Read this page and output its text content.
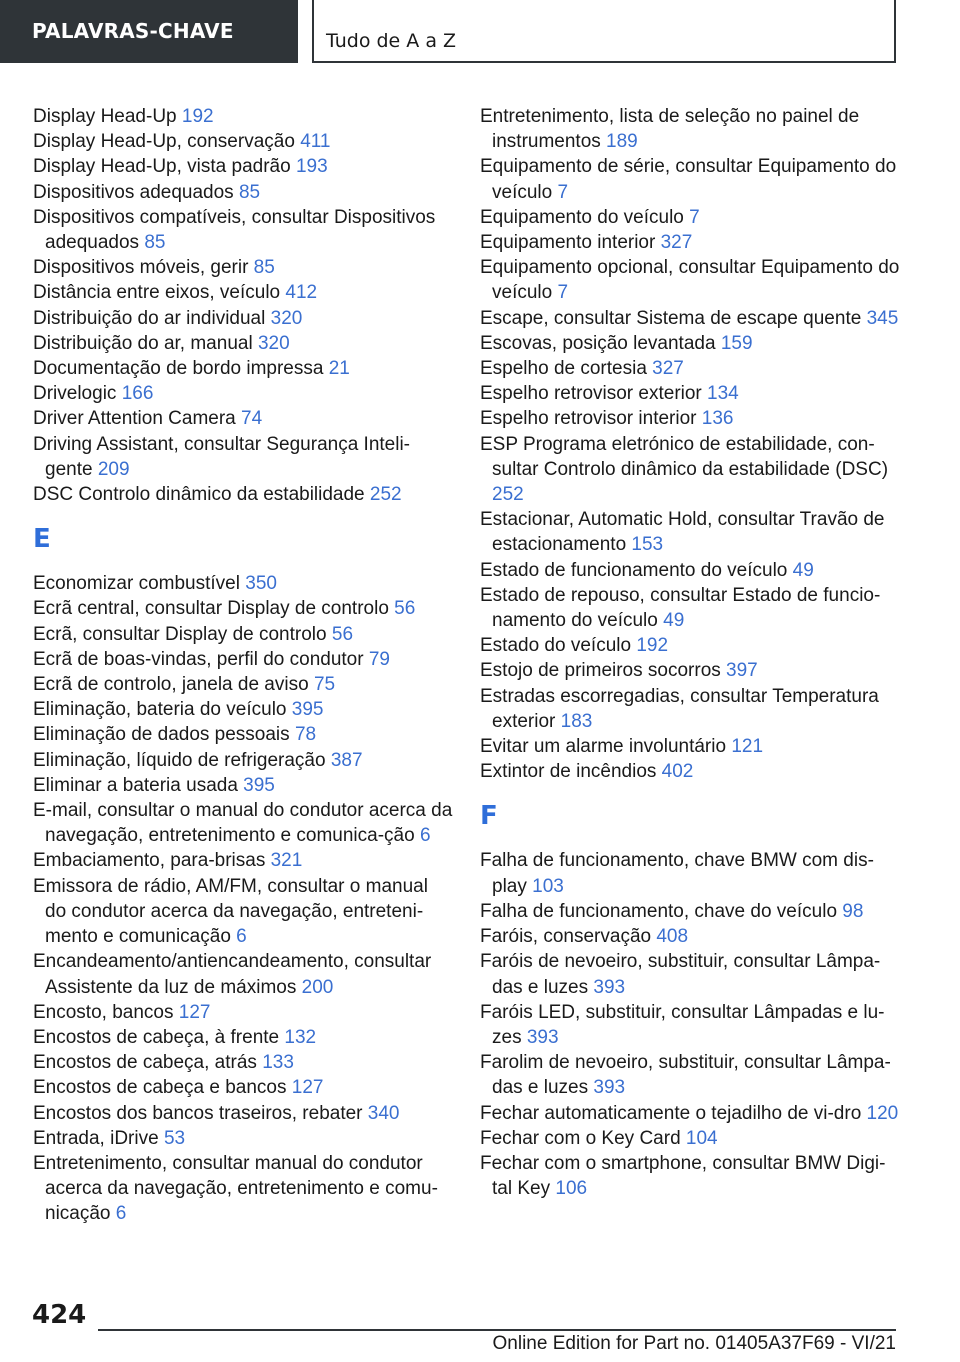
PALAVRAS-CHAVE	Tudo de A a Z
Display Head-Up 192
Display Head-Up, conservação 411
Display Head-Up, vista padrão 193
Dispositivos adequados 85
Dispositivos compatíveis, consultar Dispositivos adequados 85
Dispositivos móveis, gerir 85
Distância entre eixos, veículo 412
Distribuição do ar individual 320
Distribuição do ar, manual 320
Documentação de bordo impressa 21
Drivelogic 166
Driver Attention Camera 74
Driving Assistant, consultar Segurança Inteli-gente 209
DSC Controlo dinâmico da estabilidade 252
E
Economizar combustível 350
Ecrã central, consultar Display de controlo 56
Ecrã, consultar Display de controlo 56
Ecrã de boas-vindas, perfil do condutor 79
Ecrã de controlo, janela de aviso 75
Eliminação, bateria do veículo 395
Eliminação de dados pessoais 78
Eliminação, líquido de refrigeração 387
Eliminar a bateria usada 395
E-mail, consultar o manual do condutor acerca da navegação, entretenimento e comunica-ção 6
Embaciamento, para-brisas 321
Emissora de rádio, AM/FM, consultar o manual do condutor acerca da navegação, entreteni-mento e comunicação 6
Encandeamento/antiencandeamento, consultar Assistente da luz de máximos 200
Encosto, bancos 127
Encostos de cabeça, à frente 132
Encostos de cabeça, atrás 133
Encostos de cabeça e bancos 127
Encostos dos bancos traseiros, rebater 340
Entrada, iDrive 53
Entretenimento, consultar manual do condutor acerca da navegação, entretenimento e comu-nicação 6
Entretenimento, lista de seleção no painel de instrumentos 189
Equipamento de série, consultar Equipamento do veículo 7
Equipamento do veículo 7
Equipamento interior 327
Equipamento opcional, consultar Equipamento do veículo 7
Escape, consultar Sistema de escape quente 345
Escovas, posição levantada 159
Espelho de cortesia 327
Espelho retrovisor exterior 134
Espelho retrovisor interior 136
ESP Programa eletrónico de estabilidade, con-sultar Controlo dinâmico da estabilidade (DSC) 252
Estacionar, Automatic Hold, consultar Travão de estacionamento 153
Estado de funcionamento do veículo 49
Estado de repouso, consultar Estado de funcio-namento do veículo 49
Estado do veículo 192
Estojo de primeiros socorros 397
Estradas escorregadias, consultar Temperatura exterior 183
Evitar um alarme involuntário 121
Extintor de incêndios 402
F
Falha de funcionamento, chave BMW com dis-play 103
Falha de funcionamento, chave do veículo 98
Faróis, conservação 408
Faróis de nevoeiro, substituir, consultar Lâmpa-das e luzes 393
Faróis LED, substituir, consultar Lâmpadas e lu-zes 393
Farolim de nevoeiro, substituir, consultar Lâmpa-das e luzes 393
Fechar automaticamente o tejadilho de vi-dro 120
Fechar com o Key Card 104
Fechar com o smartphone, consultar BMW Digi-tal Key 106
424
Online Edition for Part no. 01405A37F69 - VI/21
